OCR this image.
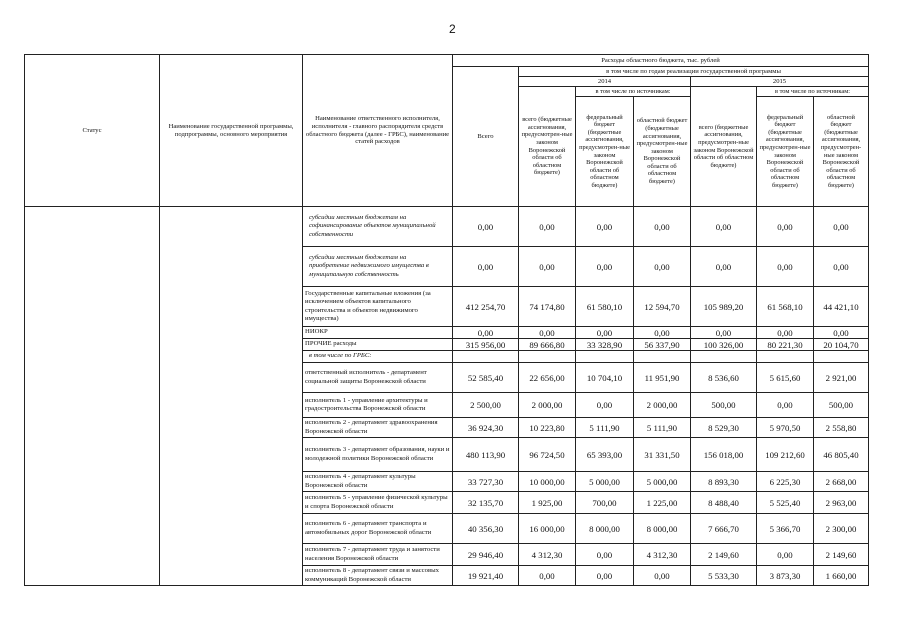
2
Статус	Наименование государственной программы, подпрограммы, основного мероприятия	Наименование ответственного исполнителя, исполнителя - главного распорядителя средств областного бюджета (далее - ГРБС), наименование статей расходов	Расходы областного бюджета, тыс. рублей						
			Всего	в том числе по годам реализации государственной программы					
				2014			2015		
				всего (бюджетные ассигнования, предусмотрен-ные законом Воронежской области об областном бюджете)	в том числе по источникам:		всего (бюджетные ассигнования, предусмотрен-ные законом Воронежской области об областном бюджете)	в том числе по источникам:	
					федеральный бюджет (бюджетные ассигнования, предусмотрен-ные законом Воронежской области об областном бюджете)	областной бюджет (бюджетные ассигнования, предусмотрен-ные законом Воронежской области об областном бюджете)		федеральный бюджет (бюджетные ассигнования, предусмотрен-ные законом Воронежской области об областном бюджете)	областной бюджет (бюджетные ассигнования, предусмотрен-ные законом Воронежской области об областном бюджете)
		субсидии местным бюджетам на софинансирование объектов муниципальной собственности	0,00	0,00	0,00	0,00	0,00	0,00	0,00
		субсидии местным бюджетам на приобретение недвижимого имущества в муниципальную собственность	0,00	0,00	0,00	0,00	0,00	0,00	0,00
		Государственные капитальные вложения (за исключением объектов капитального строительства и объектов недвижимого имущества)	412 254,70	74 174,80	61 580,10	12 594,70	105 989,20	61 568,10	44 421,10
		НИОКР	0,00	0,00	0,00	0,00	0,00	0,00	0,00
		ПРОЧИЕ расходы	315 956,00	89 666,80	33 328,90	56 337,90	100 326,00	80 221,30	20 104,70
		в том числе по ГРБС:							
		ответственный исполнитель - департамент социальной защиты Воронежской области	52 585,40	22 656,00	10 704,10	11 951,90	8 536,60	5 615,60	2 921,00
		исполнитель 1 - управление архитектуры и градостроительства Воронежской области	2 500,00	2 000,00	0,00	2 000,00	500,00	0,00	500,00
		исполнитель 2 - департамент здравоохранения Воронежской области	36 924,30	10 223,80	5 111,90	5 111,90	8 529,30	5 970,50	2 558,80
		исполнитель 3 - департамент образования, науки и молодежной политики Воронежской области	480 113,90	96 724,50	65 393,00	31 331,50	156 018,00	109 212,60	46 805,40
		исполнитель 4 - департамент культуры Воронежской области	33 727,30	10 000,00	5 000,00	5 000,00	8 893,30	6 225,30	2 668,00
		исполнитель 5 - управление физической культуры и спорта Воронежской области	32 135,70	1 925,00	700,00	1 225,00	8 488,40	5 525,40	2 963,00
		исполнитель 6 - департамент транспорта и автомобильных дорог Воронежской области	40 356,30	16 000,00	8 000,00	8 000,00	7 666,70	5 366,70	2 300,00
		исполнитель 7 - департамент труда и занятости населения Воронежской области	29 946,40	4 312,30	0,00	4 312,30	2 149,60	0,00	2 149,60
		исполнитель 8 - департамент связи и массовых коммуникаций Воронежской области	19 921,40	0,00	0,00	0,00	5 533,30	3 873,30	1 660,00
